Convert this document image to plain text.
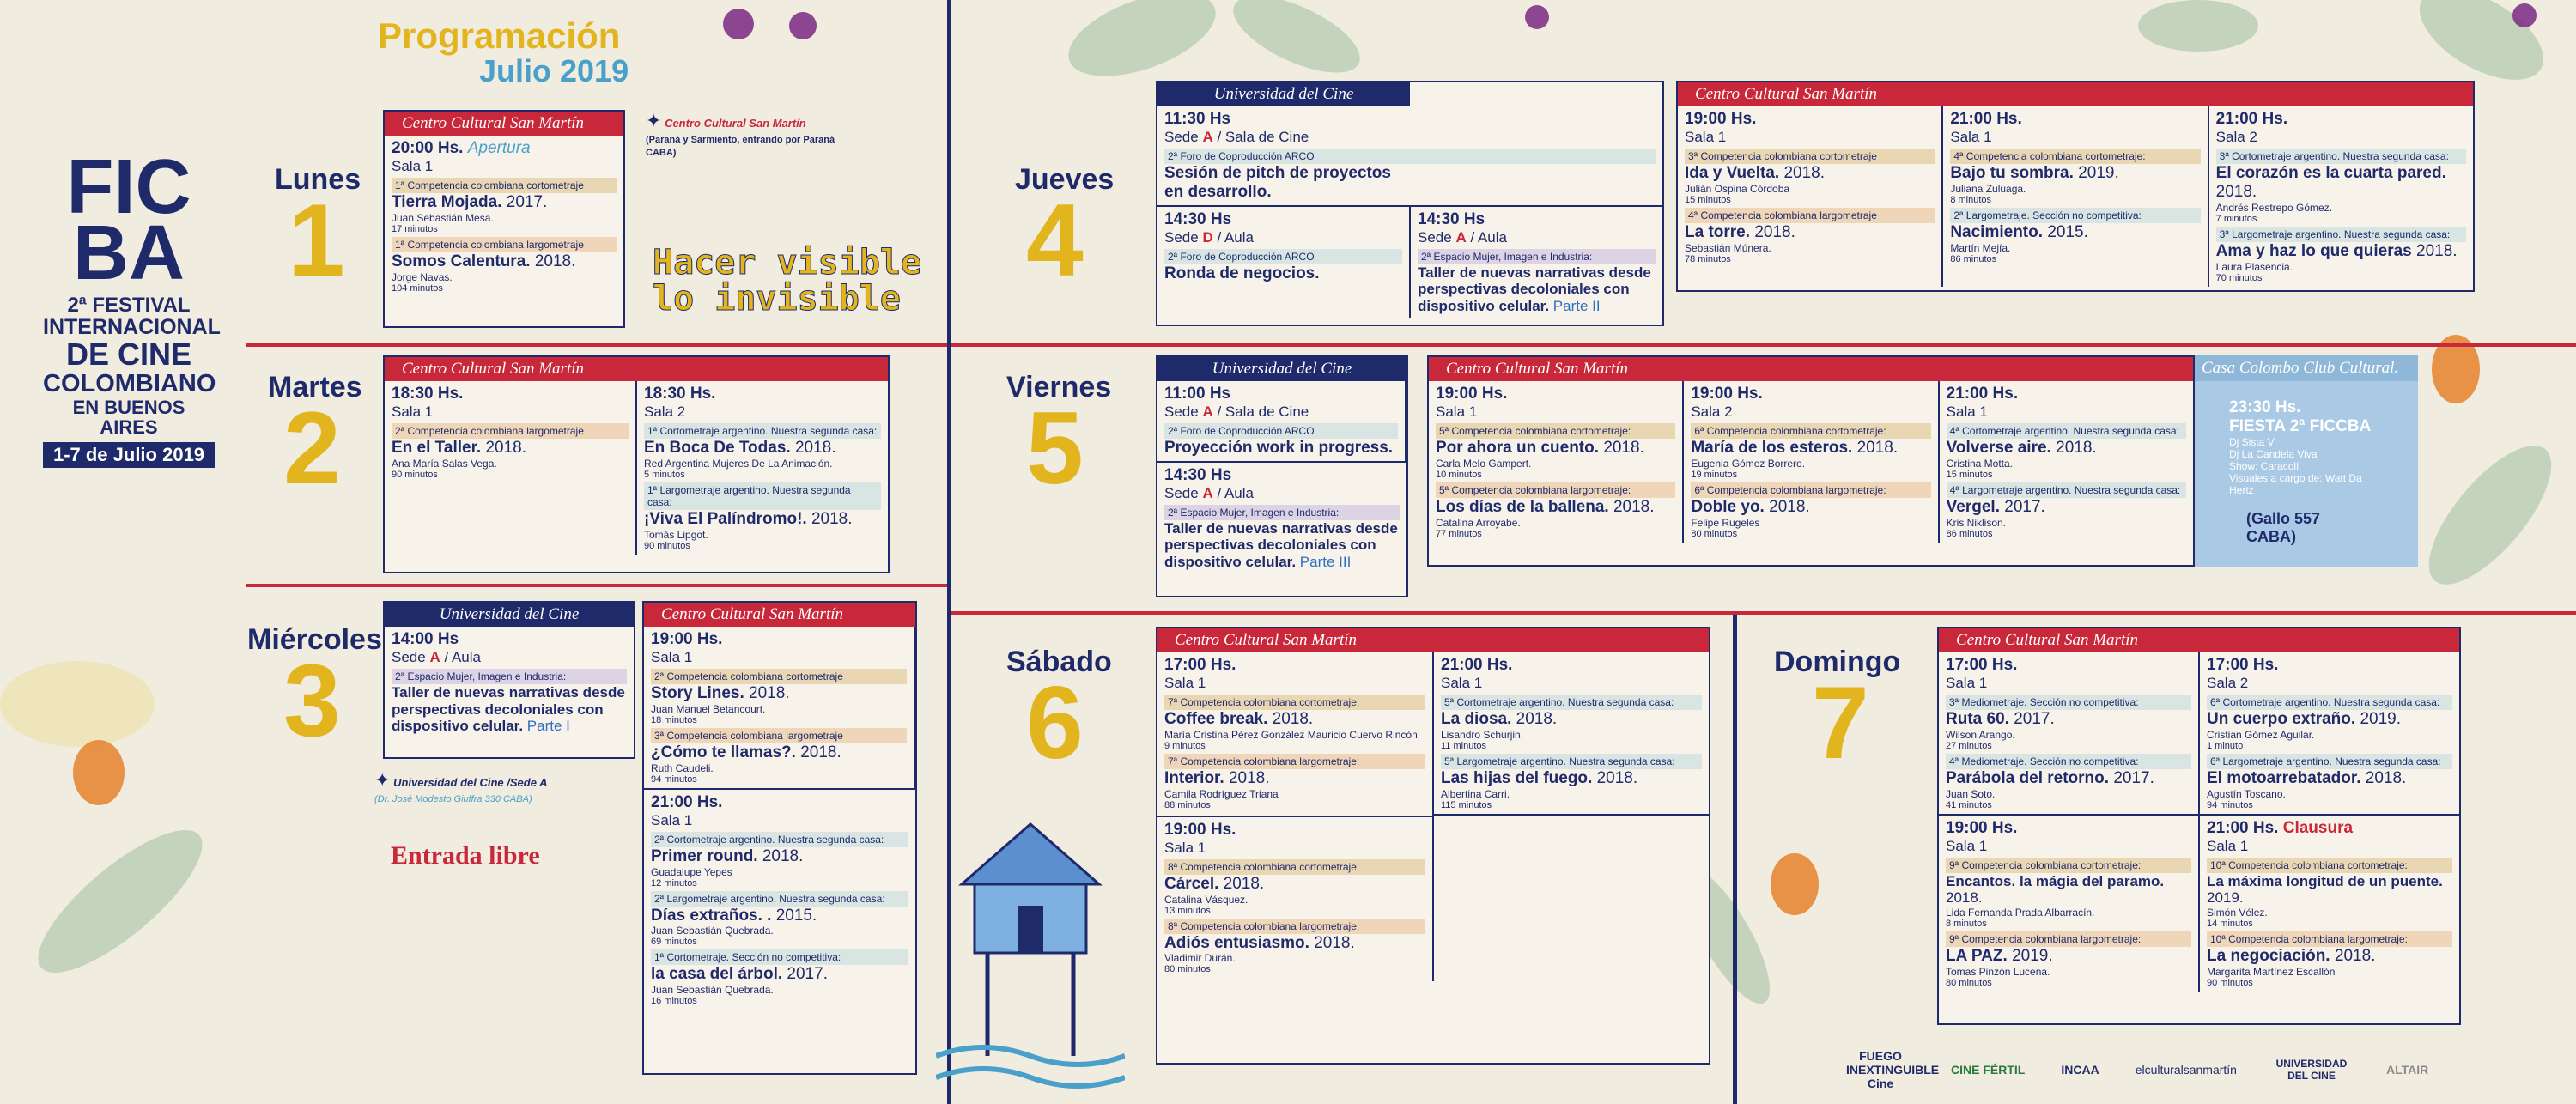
Programación
Julio 2019
FIC
BA
2ª FESTIVAL
INTERNACIONAL
DE CINE
COLOMBIANO
EN BUENOS AIRES
1-7 de Julio 2019
✦ Centro Cultural San Martín
(Paraná y Sarmiento, entrando por Paraná CABA)

✦ Universidad del Cine /Sede A
(Dr. José Modesto Giuffra 330 CABA)
Hacer visible
lo invisible
Entrada libre
Lunes
1
Martes
2
Miércoles
3
Jueves
4
Viernes
5
Sábado
6
Domingo
7
Centro Cultural San Martín
20:00 Hs. Apertura
Sala 1
1ª Competencia colombiana cortometraje
Tierra Mojada. 2017.
Juan Sebastián Mesa.
17 minutos
1ª Competencia colombiana largometraje
Somos Calentura. 2018.
Jorge Navas.
104 minutos
Centro Cultural San Martín
18:30 Hs.
Sala 1
2ª Competencia colombiana largometraje
En el Taller. 2018.
Ana María Salas Vega.
90 minutos
18:30 Hs.
Sala 2
1ª Cortometraje argentino. Nuestra segunda casa:
En Boca De Todas. 2018.
Red Argentina Mujeres De La Animación.
5 minutos
1ª Largometraje argentino. Nuestra segunda casa:
¡Viva El Palíndromo!. 2018.
Tomás Lipgot.
90 minutos
Universidad del Cine
14:00 Hs
Sede A / Aula
2ª Espacio Mujer, Imagen e Industria:
Taller de nuevas narrativas desde perspectivas decoloniales con dispositivo celular. Parte I
Centro Cultural San Martín
19:00 Hs.
Sala 1
2ª Competencia colombiana cortometraje
Story Lines. 2018.
Juan Manuel Betancourt.
18 minutos
3ª Competencia colombiana largometraje
¿Cómo te llamas?. 2018.
Ruth Caudeli.
94 minutos
21:00 Hs.
Sala 1
2ª Cortometraje argentino. Nuestra segunda casa:
Primer round. 2018.
Guadalupe Yepes
12 minutos
2ª Largometraje argentino. Nuestra segunda casa:
Días extraños. . 2015.
Juan Sebastián Quebrada.
69 minutos
1ª Cortometraje. Sección no competitiva:
la casa del árbol. 2017.
Juan Sebastián Quebrada.
16 minutos
Universidad del Cine
11:30 Hs
Sede A / Sala de Cine
2ª Foro de Coproducción ARCO
Sesión de pitch de proyectos en desarrollo.
14:30 Hs
Sede D / Aula
2ª Foro de Coproducción ARCO
Ronda de negocios.
14:30 Hs
Sede A / Aula
2ª Espacio Mujer, Imagen e Industria:
Taller de nuevas narrativas desde perspectivas decoloniales con dispositivo celular. Parte II
Centro Cultural San Martín
19:00 Hs.
Sala 1
3ª Competencia colombiana cortometraje
Ida y Vuelta. 2018.
Julián Ospina Córdoba
15 minutos
4ª Competencia colombiana largometraje
La torre. 2018.
Sebastián Múnera.
78 minutos
21:00 Hs.
Sala 1
4ª Competencia colombiana cortometraje:
Bajo tu sombra. 2019.
Juliana Zuluaga.
8 minutos
2ª Largometraje. Sección no competitiva:
Nacimiento. 2015.
Martín Mejía.
86 minutos
21:00 Hs.
Sala 2
3ª Cortometraje argentino. Nuestra segunda casa:
El corazón es la cuarta pared. 2018.
Andrés Restrepo Gómez.
7 minutos
3ª Largometraje argentino. Nuestra segunda casa:
Ama y haz lo que quieras 2018.
Laura Plasencia.
70 minutos
Universidad del Cine
11:00 Hs
Sede A / Sala de Cine
2ª Foro de Coproducción ARCO
Proyección work in progress.
14:30 Hs
Sede A / Aula
2ª Espacio Mujer, Imagen e Industria:
Taller de nuevas narrativas desde perspectivas decoloniales con dispositivo celular. Parte III
Centro Cultural San Martín
19:00 Hs.
Sala 1
5ª Competencia colombiana cortometraje:
Por ahora un cuento. 2018.
Carla Melo Gampert.
10 minutos
5ª Competencia colombiana largometraje:
Los días de la ballena. 2018.
Catalina Arroyabe.
77 minutos
19:00 Hs.
Sala 2
6ª Competencia colombiana cortometraje:
María de los esteros. 2018.
Eugenia Gómez Borrero.
19 minutos
6ª Competencia colombiana largometraje:
Doble yo. 2018.
Felipe Rugeles
80 minutos
21:00 Hs.
Sala 1
4ª Cortometraje argentino. Nuestra segunda casa:
Volverse aire. 2018.
Cristina Motta.
15 minutos
4ª Largometraje argentino. Nuestra segunda casa:
Vergel. 2017.
Kris Niklison.
86 minutos
Casa Colombo Club Cultural.
23:30 Hs.
FIESTA 2ª FICCBA
Dj Sista V
Dj La Candela Viva
Show: Caracolí
Visuales a cargo de: Watt Da Hertz
(Gallo 557 CABA)
Centro Cultural San Martín
17:00 Hs.
Sala 1
7ª Competencia colombiana cortometraje:
Coffee break. 2018.
María Cristina Pérez González Mauricio Cuervo Rincón
9 minutos
7ª Competencia colombiana largometraje:
Interior. 2018.
Camila Rodríguez Triana
88 minutos
19:00 Hs.
Sala 1
8ª Competencia colombiana cortometraje:
Cárcel. 2018.
Catalina Vásquez.
13 minutos
8ª Competencia colombiana largometraje:
Adiós entusiasmo. 2018.
Vladimir Durán.
80 minutos
21:00 Hs.
Sala 1
5ª Cortometraje argentino. Nuestra segunda casa:
La diosa. 2018.
Lisandro Schurjin.
11 minutos
5ª Largometraje argentino. Nuestra segunda casa:
Las hijas del fuego. 2018.
Albertina Carri.
115 minutos
Centro Cultural San Martín
17:00 Hs.
Sala 1
3ª Mediometraje. Sección no competitiva:
Ruta 60. 2017.
Wilson Arango.
27 minutos
4ª Mediometraje. Sección no competitiva:
Parábola del retorno. 2017.
Juan Soto.
41 minutos
17:00 Hs.
Sala 2
6ª Cortometraje argentino. Nuestra segunda casa:
Un cuerpo extraño. 2019.
Cristian Gómez Aguilar.
1 minuto
6ª Largometraje argentino. Nuestra segunda casa:
El motoarrebatador. 2018.
Agustín Toscano.
94 minutos
19:00 Hs.
Sala 1
9ª Competencia colombiana cortometraje:
Encantos. la mágia del paramo. 2018.
Lida Fernanda Prada Albarracín.
8 minutos
9ª Competencia colombiana largometraje:
LA PAZ. 2019.
Tomas Pinzón Lucena.
80 minutos
21:00 Hs. Clausura
Sala 1
10ª Competencia colombiana cortometraje:
La máxima longitud de un puente. 2019.
Simón Vélez.
14 minutos
10ª Competencia colombiana largometraje:
La negociación. 2018.
Margarita Martínez Escallón
90 minutos
FUEGO INEXTINGUIBLE Cine
CINE FÉRTIL	INCAA	elculturalsanmartín	UNIVERSIDAD DEL CINE	ALTAIR
